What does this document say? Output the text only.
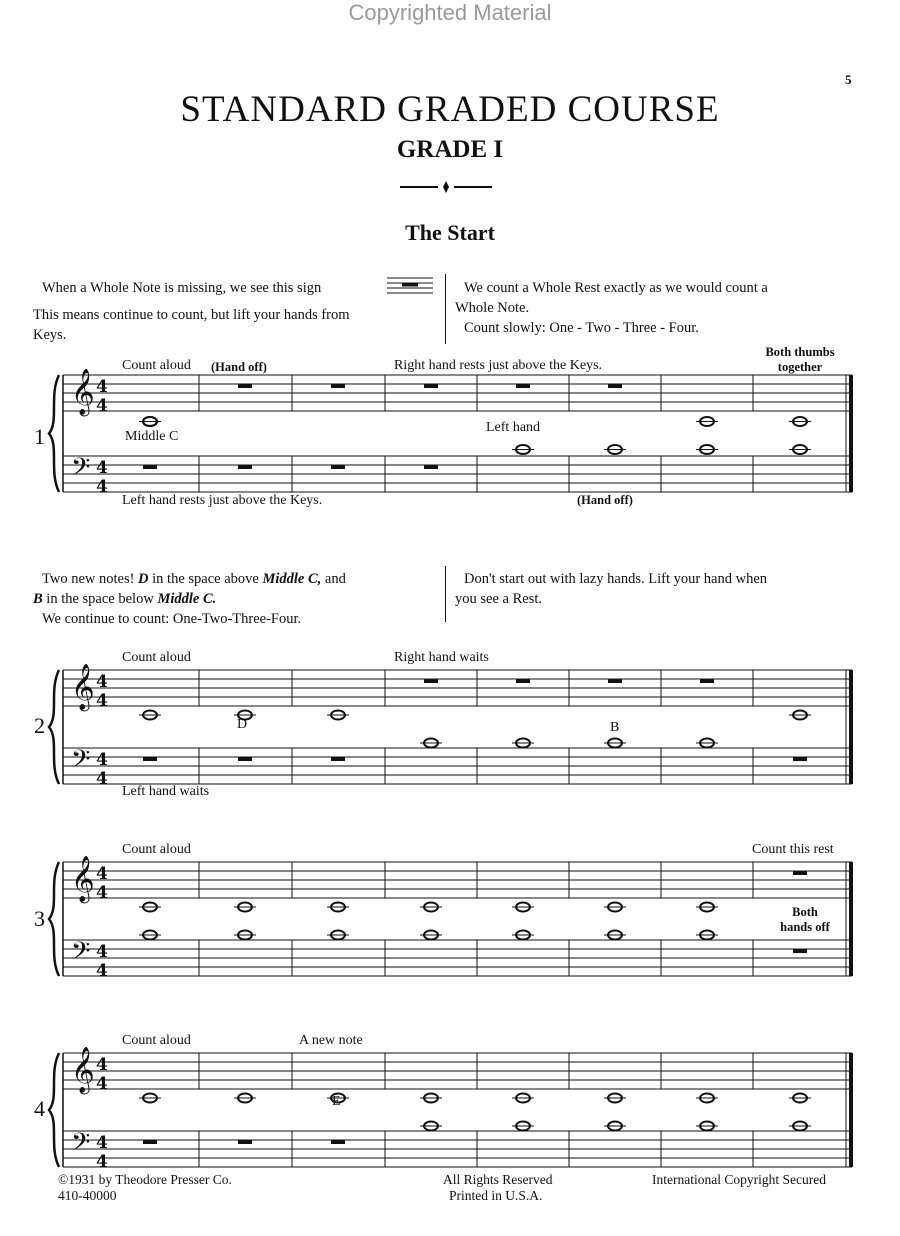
Copyrighted Material
5
STANDARD GRADED COURSE
GRADE I
The Start
When a Whole Note is missing, we see this sign
This means continue to count, but lift your hands from
Keys.
We count a Whole Rest exactly as we would count a
Whole Note.
Count slowly: One - Two - Three - Four.
Count aloud (Hand off)	Right hand rests just above the Keys.
Both thumbs
together
Middle C
Left hand
Left hand rests just above the Keys.	(Hand off)
1
Two new notes! D in the space above Middle C, and
B in the space below Middle C.
We continue to count: One-Two-Three-Four.
Don't start out with lazy hands. Lift your hand when
you see a Rest.
Count aloud	Right hand waits
D	B
Left hand waits
2
Count aloud	Count this rest
Both
hands off
3
Count aloud	A new note
E
4
𝄞
𝄢
4
4
4
4
𝄞
𝄢
4
4
4
4
𝄞
𝄢
4
4
4
4
𝄞
𝄢
4
4
4
4
©1931 by Theodore Presser Co.
410-40000
All Rights Reserved
Printed in U.S.A.
International Copyright Secured
